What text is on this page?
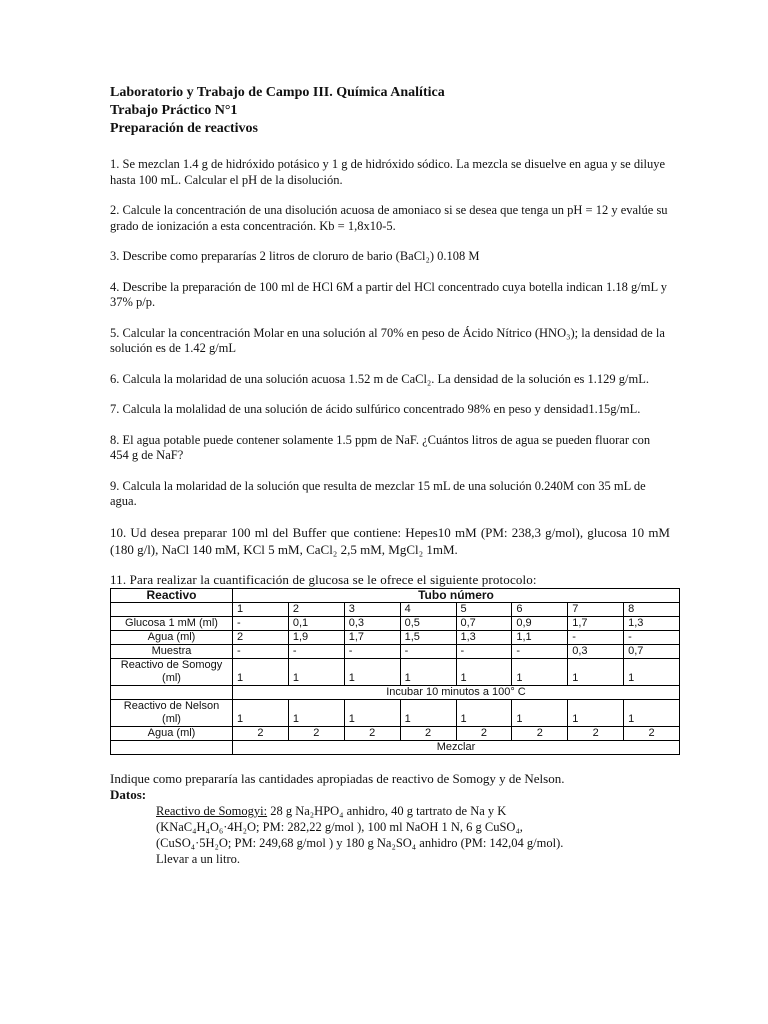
Laboratorio y Trabajo de Campo III. Química Analítica

Trabajo Práctico N°1

Preparación de reactivos

1. Se mezclan 1.4 g de hidróxido potásico y 1 g de hidróxido sódico. La mezcla se disuelve en agua y se diluye hasta 100 mL. Calcular el pH de la disolución.

2. Calcule la concentración de una disolución acuosa de amoniaco si se desea que tenga un pH = 12 y evalúe su grado de ionización a esta concentración. Kb = 1,8x10-5.

3. Describe como prepararías 2 litros de cloruro de bario (BaCl₂) 0.108 M

4. Describe la preparación de 100 ml de HCl 6M a partir del HCl concentrado cuya botella indican 1.18 g/mL y 37% p/p.

5. Calcular la concentración Molar en una solución al 70% en peso de Ácido Nítrico (HNO₃); la densidad de la solución es de 1.42 g/mL

6. Calcula la molaridad de una solución acuosa 1.52 m de CaCl₂. La densidad de la solución es 1.129 g/mL.

7. Calcula la molalidad de una solución de ácido sulfúrico concentrado 98% en peso y densidad1.15g/mL.

8. El agua potable puede contener solamente 1.5 ppm de NaF. ¿Cuántos litros de agua se pueden fluorar con 454 g de NaF?

9. Calcula la molaridad de la solución que resulta de mezclar 15 mL de una solución 0.240M con 35 mL de agua.

10. Ud desea preparar 100 ml del Buffer que contiene: Hepes10 mM (PM: 238,3 g/mol), glucosa 10 mM (180 g/l), NaCl 140 mM, KCl 5 mM, CaCl₂ 2,5 mM, MgCl₂ 1mM.

11. Para realizar la cuantificación de glucosa se le ofrece el siguiente protocolo:

Reactivo	Tubo número							
	1	2	3	4	5	6	7	8
Glucosa 1 mM (ml)	-	0,1	0,3	0,5	0,7	0,9	1,7	1,3
Agua (ml)	2	1,9	1,7	1,5	1,3	1,1	-	-
Muestra	-	-	-	-	-	-	0,3	0,7
Reactivo de Somogy (ml)	1	1	1	1	1	1	1	1
	Incubar 10 minutos a 100° C							
Reactivo de Nelson (ml)	1	1	1	1	1	1	1	1
Agua (ml)	2	2	2	2	2	2	2	2
	Mezclar							

Indique como prepararía las cantidades apropiadas de reactivo de Somogy y de Nelson.

Datos:

Reactivo de Somogyi: 28 g Na₂HPO₄ anhidro, 40 g tartrato de Na y K

(KNaC₄H₄O₆·4H₂O; PM: 282,22 g/mol ), 100 ml NaOH 1 N, 6 g CuSO₄,

(CuSO₄·5H₂O; PM: 249,68 g/mol ) y 180 g Na₂SO₄ anhidro (PM: 142,04 g/mol).

Llevar a un litro.
